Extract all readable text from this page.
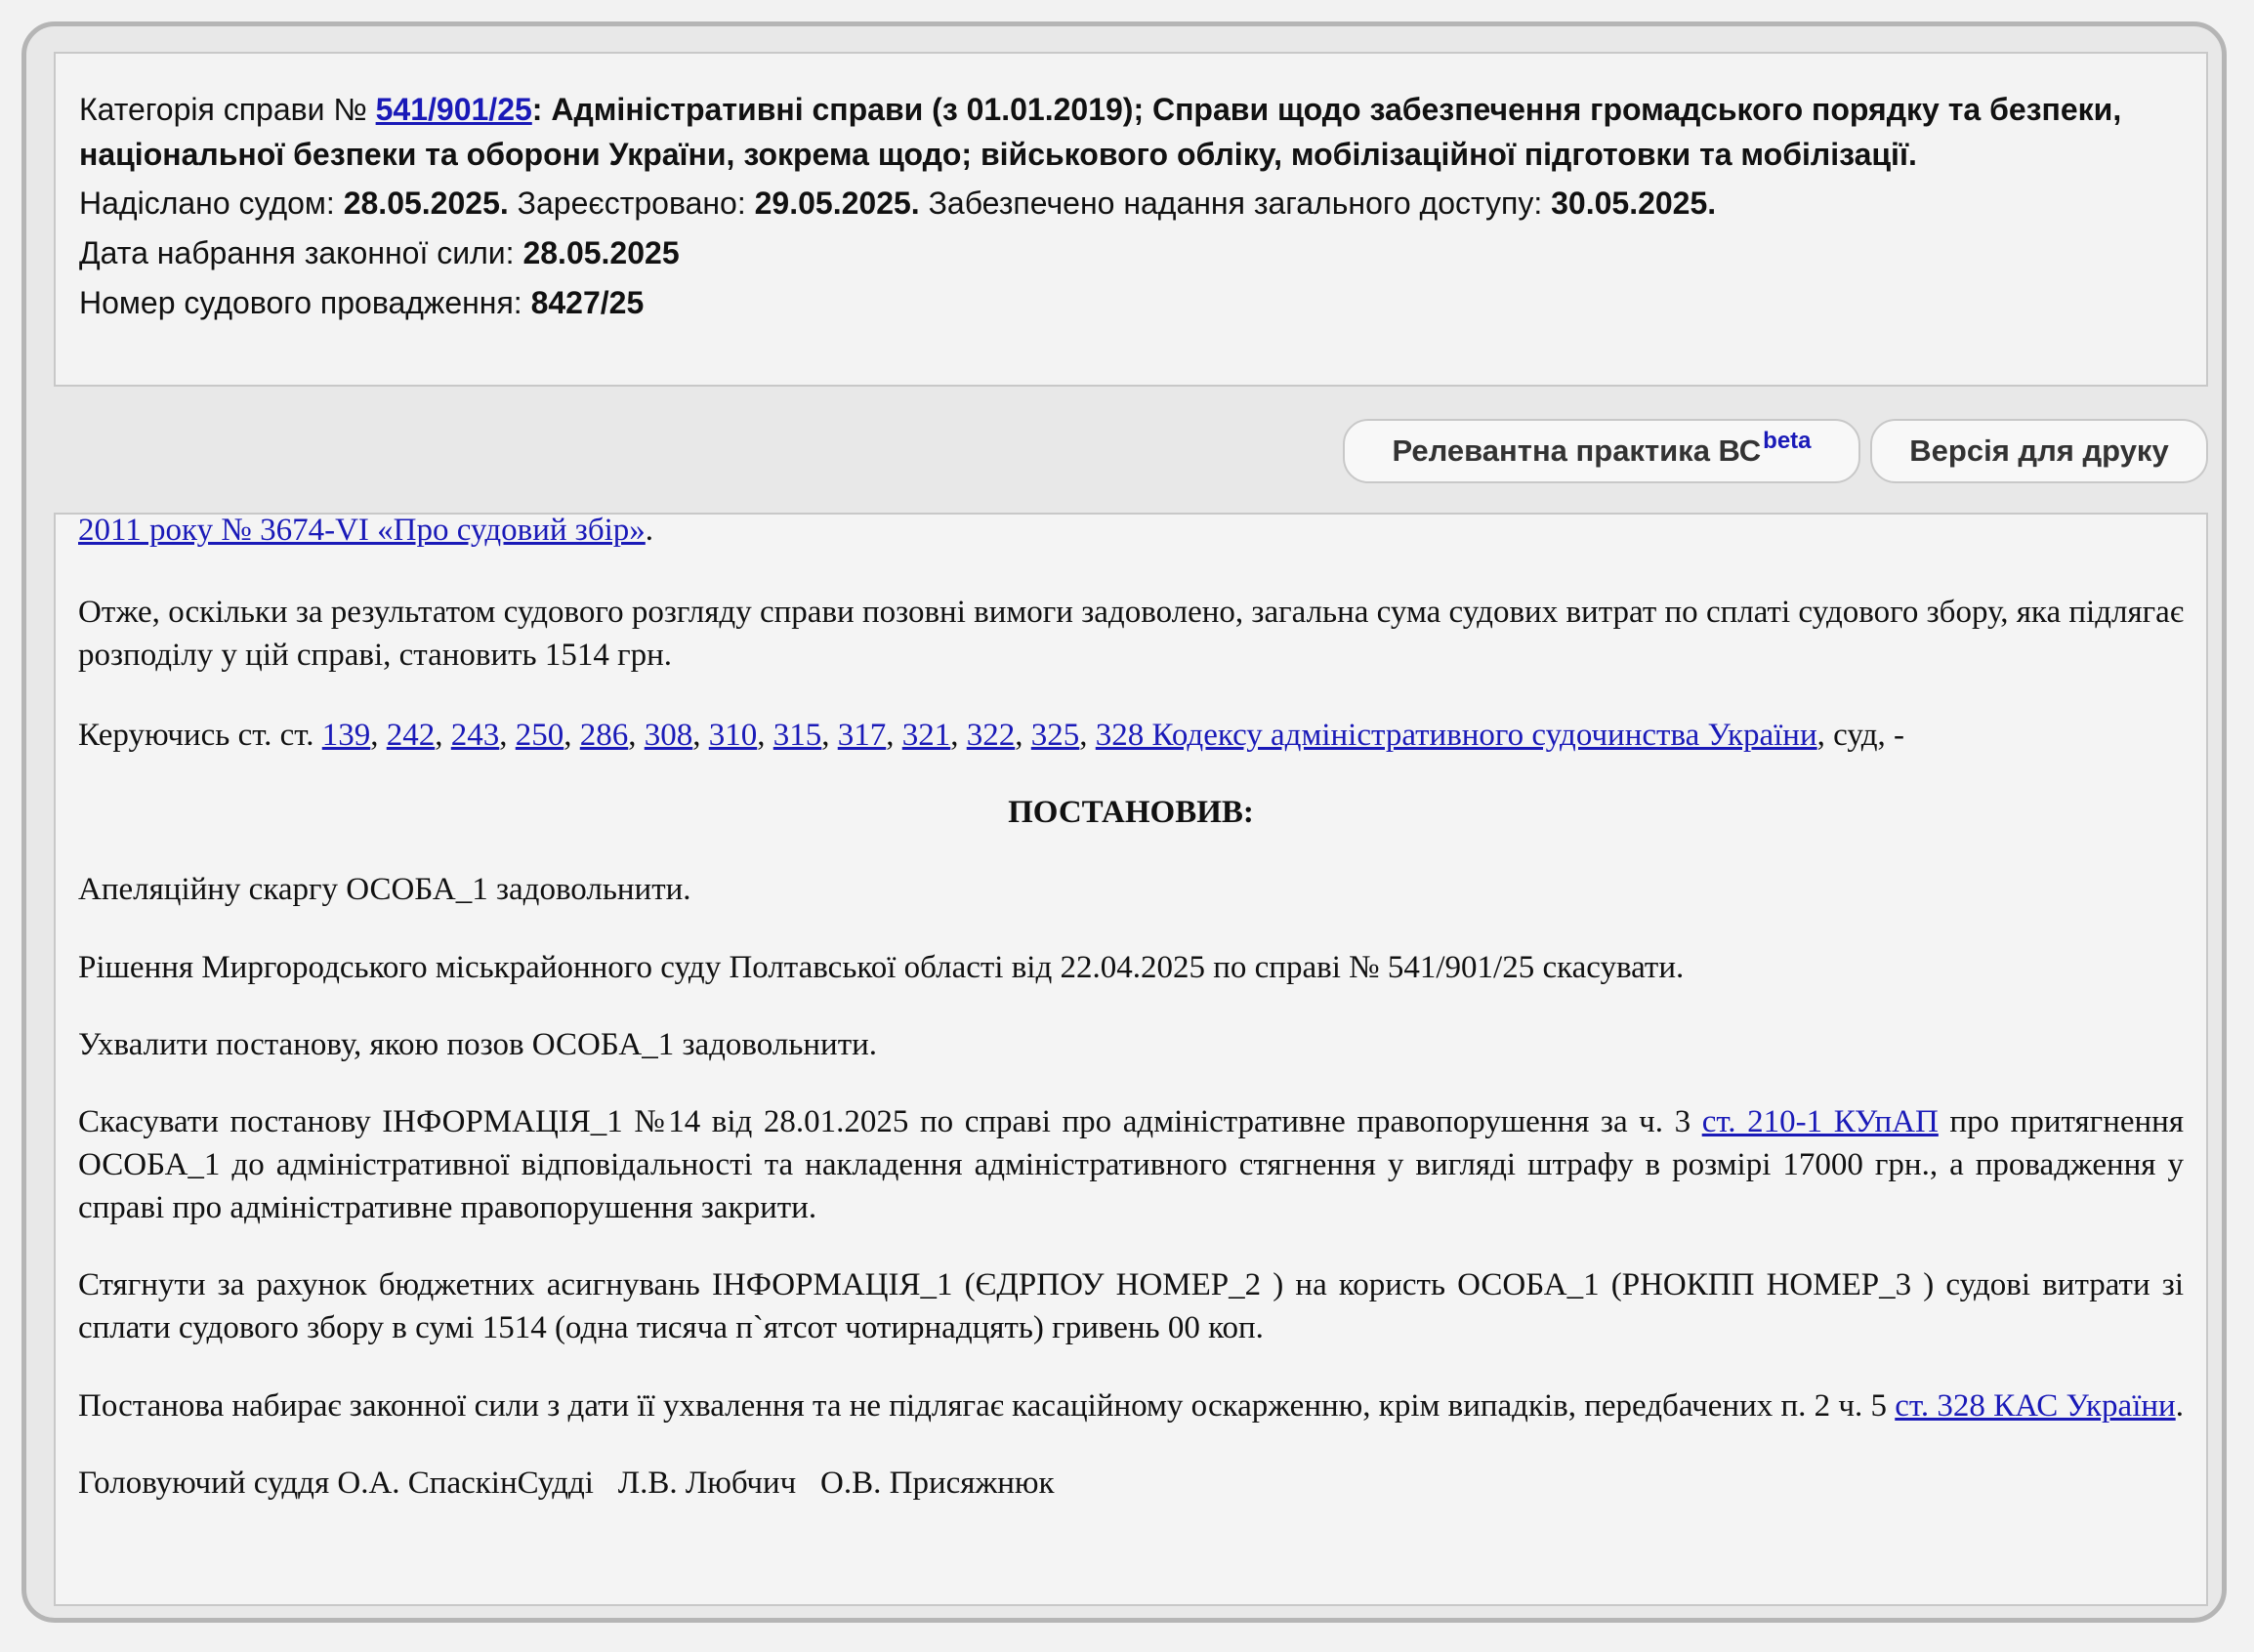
Категорія справи № 541/901/25: Адміністративні справи (з 01.01.2019); Справи щодо забезпечення громадського порядку та безпеки, національної безпеки та оборони України, зокрема щодо; військового обліку, мобілізаційної підготовки та мобілізації.
Надіслано судом: 28.05.2025. Зареєстровано: 29.05.2025. Забезпечено надання загального доступу: 30.05.2025.
Дата набрання законної сили: 28.05.2025
Номер судового провадження: 8427/25
Релевантна практика $ВС^{beta}$	Версія для друку

2011 року № 3674-VI «Про судовий збір».

Отже, оскільки за результатом судового розгляду справи позовні вимоги задоволено, загальна сума судових витрат по сплаті судового збору, яка підлягає розподілу у цій справі, становить 1514 грн.

Керуючись ст. ст. 139, 242, 243, 250, 286, 308, 310, 315, 317, 321, 322, 325, 328 Кодексу адміністративного судочинства України, суд, -

ПОСТАНОВИВ:

Апеляційну скаргу ОСОБА_1 задовольнити.

Рішення Миргородського міськрайонного суду Полтавської області від 22.04.2025 по справі № 541/901/25 скасувати.

Ухвалити постанову, якою позов ОСОБА_1 задовольнити.

Скасувати постанову ІНФОРМАЦІЯ_1 №14 від 28.01.2025 по справі про адміністративне правопорушення за ч. 3 ст. 210-1 КУпАП про притягнення ОСОБА_1 до адміністративної відповідальності та накладення адміністративного стягнення у вигляді штрафу в розмірі 17000 грн., а провадження у справі про адміністративне правопорушення закрити.

Стягнути за рахунок бюджетних асигнувань ІНФОРМАЦІЯ_1 (ЄДРПОУ НОМЕР_2 ) на користь ОСОБА_1 (РНОКПП НОМЕР_3 ) судові витрати зі сплати судового збору в сумі 1514 (одна тисяча п`ятсот чотирнадцять) гривень 00 коп.

Постанова набирає законної сили з дати її ухвалення та не підлягає касаційному оскарженню, крім випадків, передбачених п. 2 ч. 5 ст. 328 КАС України.

Головуючий суддя О.А. СпаскінСудді   Л.В. Любчич   О.В. Присяжнюк
